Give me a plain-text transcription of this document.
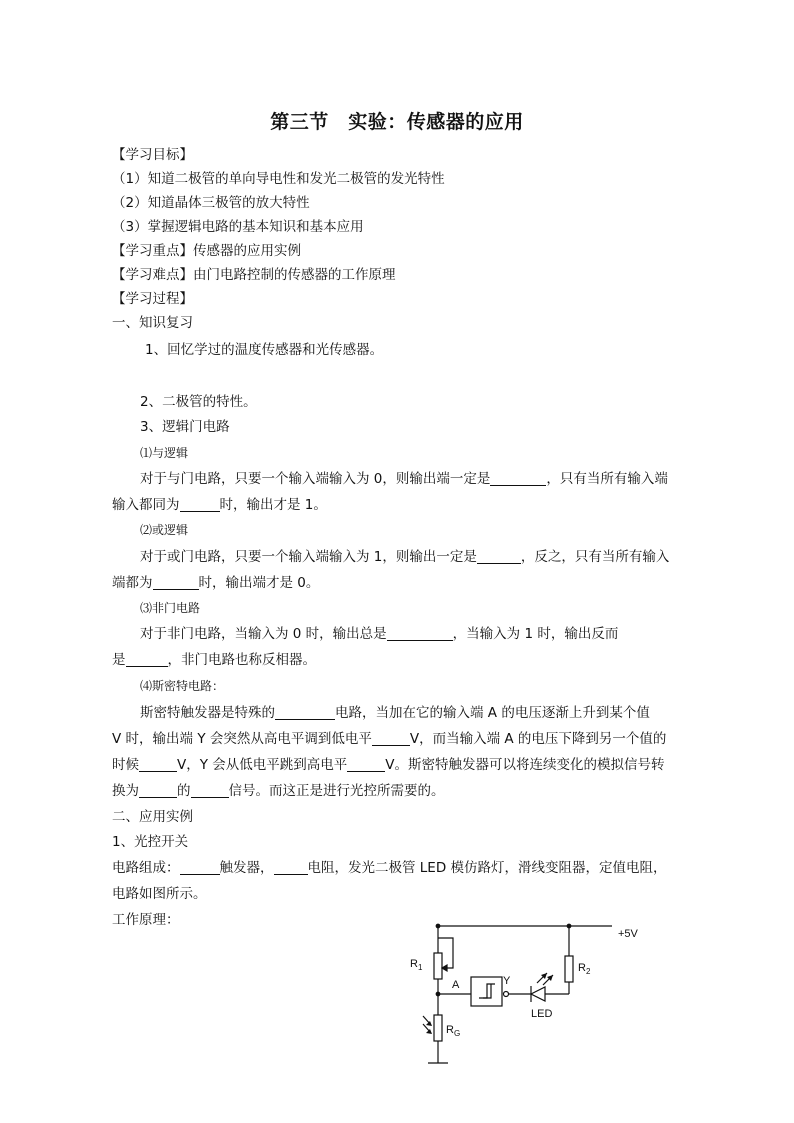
第三节　实验：传感器的应用
【学习目标】
（1）知道二极管的单向导电性和发光二极管的发光特性
（2）知道晶体三极管的放大特性
（3）掌握逻辑电路的基本知识和基本应用
【学习重点】传感器的应用实例
【学习难点】由门电路控制的传感器的工作原理
【学习过程】
一、知识复习
1、回忆学过的温度传感器和光传感器。
2、二极管的特性。
3、逻辑门电路
⑴与逻辑
对于与门电路，只要一个输入端输入为 0，则输出端一定是	，只有当所有输入端
输入都同为	时，输出才是 1。
⑵或逻辑
对于或门电路，只要一个输入端输入为 1，则输出一定是	，反之，只有当所有输入
端都为	时，输出端才是 0。
⑶非门电路
对于非门电路，当输入为 0 时，输出总是	，当输入为 1 时，输出反而
是	，非门电路也称反相器。
⑷斯密特电路：
斯密特触发器是特殊的	电路，当加在它的输入端 A 的电压逐渐上升到某个值
V 时，输出端 Y 会突然从高电平调到低电平	V，而当输入端 A 的电压下降到另一个值的
时候	V，Y 会从低电平跳到高电平	V。斯密特触发器可以将连续变化的模拟信号转
换为	的	信号。而这正是进行光控所需要的。
二、应用实例
1、光控开关
电路组成：	触发器，	电阻，发光二极管 LED 模仿路灯，滑线变阻器，定值电阻，
电路如图所示。
工作原理：
+5V
$R_1$	$R_2$
$R_G$
A	Y
LED
